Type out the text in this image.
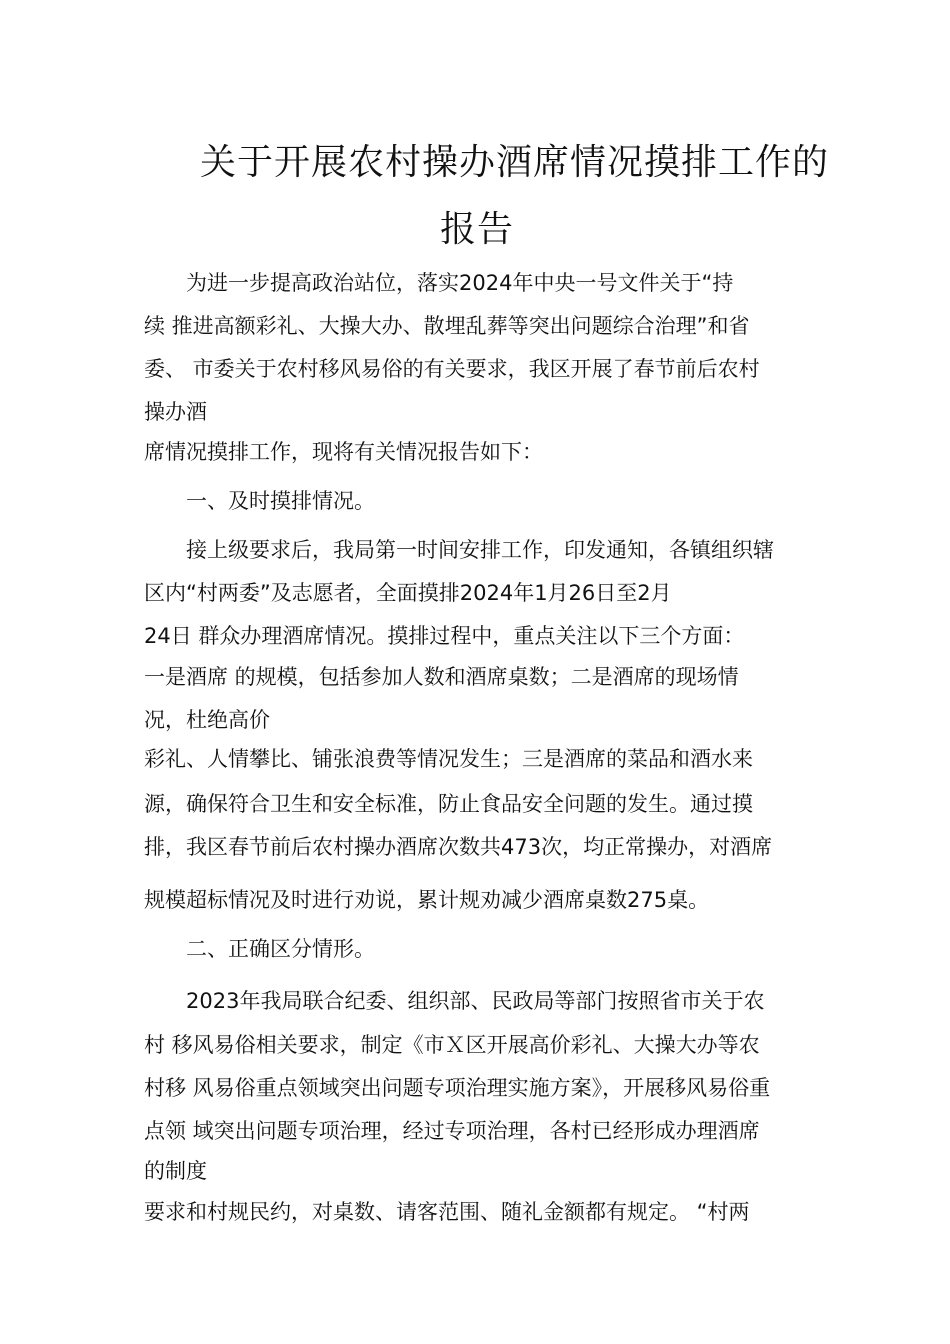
关于开展农村操办酒席情况摸排工作的
报告
为进一步提高政治站位，落实2024年中央一号文件关于“持
续 推进高额彩礼、大操大办、散埋乱葬等突出问题综合治理”和省
委、 市委关于农村移风易俗的有关要求，我区开展了春节前后农村
操办酒
席情况摸排工作，现将有关情况报告如下：
一、及时摸排情况。
接上级要求后，我局第一时间安排工作，印发通知，各镇组织辖
区内“村两委”及志愿者，全面摸排2024年1月26日至2月
24日 群众办理酒席情况。摸排过程中，重点关注以下三个方面：
一是酒席 的规模，包括参加人数和酒席桌数；二是酒席的现场情
况，杜绝高价
彩礼、人情攀比、铺张浪费等情况发生；三是酒席的菜品和酒水来
源，确保符合卫生和安全标准，防止食品安全问题的发生。通过摸
排，我区春节前后农村操办酒席次数共473次，均正常操办，对酒席
规模超标情况及时进行劝说，累计规劝减少酒席桌数275桌。
二、正确区分情形。
2023年我局联合纪委、组织部、民政局等部门按照省市关于农
村 移风易俗相关要求，制定《市Ｘ区开展高价彩礼、大操大办等农
村移 风易俗重点领域突出问题专项治理实施方案》，开展移风易俗重
点领 域突出问题专项治理，经过专项治理，各村已经形成办理酒席
的制度
要求和村规民约，对桌数、请客范围、随礼金额都有规定。 “村两
